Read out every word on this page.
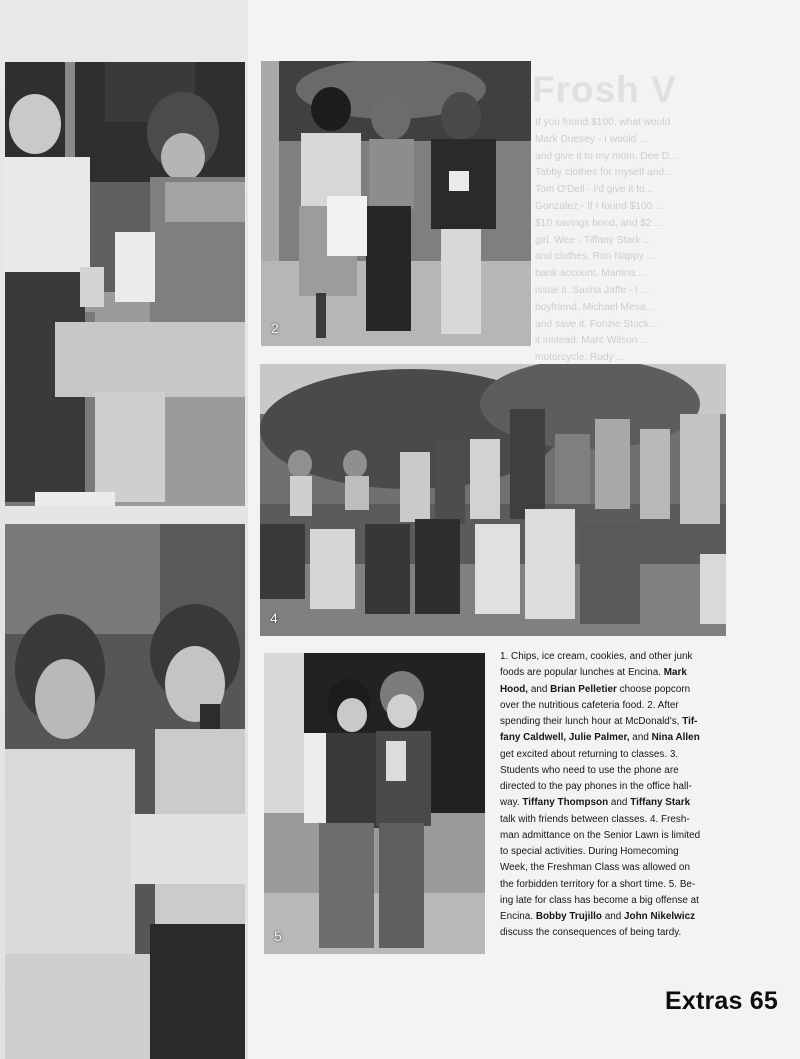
Frosh V
If you found $100, what would
Mark Duesey - I would ...
and give it to my mom. Dee D...
Tabby clothes for myself and...
Tom O'Dell - I'd give it to...
Gonzalez - If I found $100 ...
$10 savings bond, and $2 ...
girl. Wee - Tiffany Stark ...
and clothes. Ron Nappy ...
bank account. Martina ...
issue it. Sasha Jaffe - I ...
boyfriend. Michael Mesa...
and save it. Fonzie Stock...
it instead. Marc Wilson ...
motorcycle. Rudy ...
2
4
5
1. Chips, ice cream, cookies, and other junk
foods are popular lunches at Encina. Mark
Hood, and Brian Pelletier choose popcorn
over the nutritious cafeteria food. 2. After
spending their lunch hour at McDonald's, Tif-
fany Caldwell, Julie Palmer, and Nina Allen
get excited about returning to classes. 3.
Students who need to use the phone are
directed to the pay phones in the office hall-
way. Tiffany Thompson and Tiffany Stark
talk with friends between classes. 4. Fresh-
man admittance on the Senior Lawn is limited
to special activities. During Homecoming
Week, the Freshman Class was allowed on
the forbidden territory for a short time. 5. Be-
ing late for class has become a big offense at
Encina. Bobby Trujillo and John Nikelwicz
discuss the consequences of being tardy.
Extras 65
